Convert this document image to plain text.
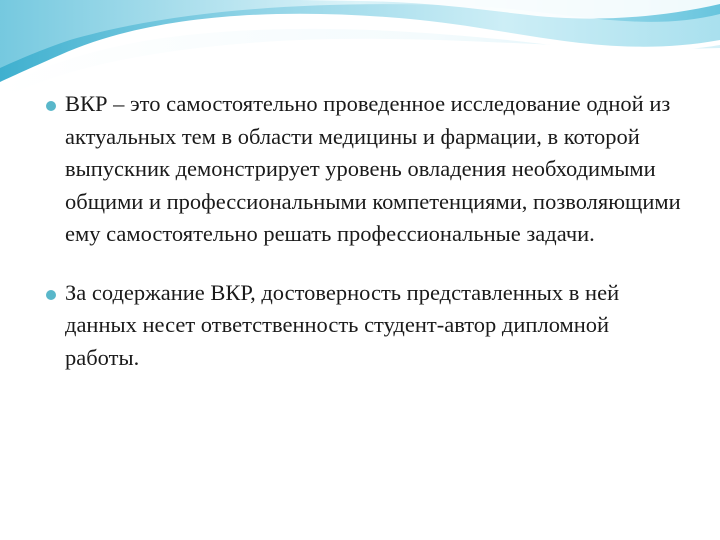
ВКР – это самостоятельно проведенное исследование одной из актуальных тем в области медицины и фармации, в которой выпускник демонстрирует уровень овладения необходимыми общими и профессиональными компетенциями, позволяющими ему самостоятельно решать профессиональные задачи.
За содержание ВКР, достоверность представленных в ней данных несет ответственность студент-автор дипломной работы.
